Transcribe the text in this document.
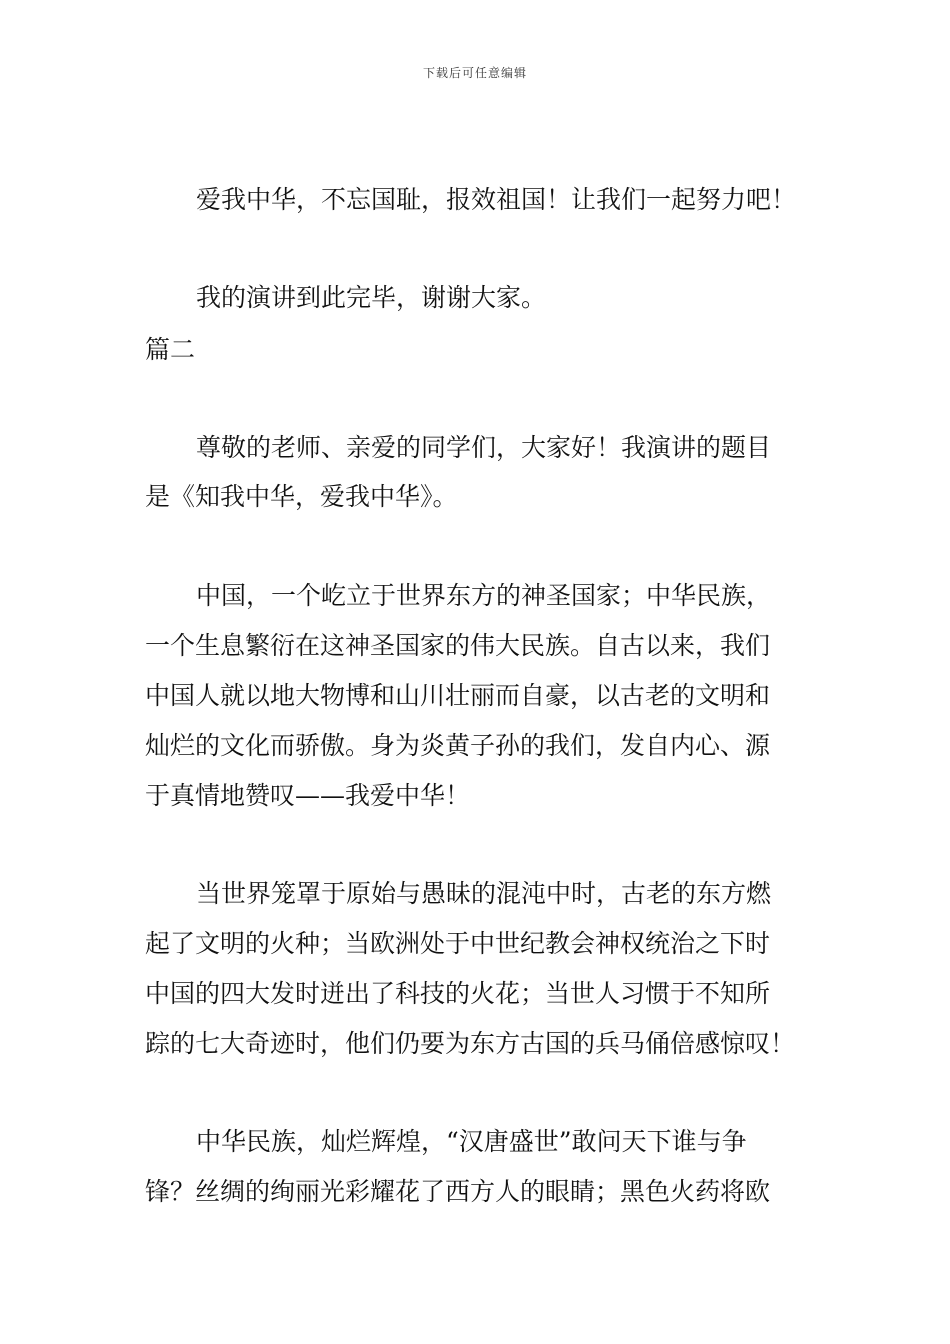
下载后可任意编辑
爱我中华，不忘国耻，报效祖国！让我们一起努力吧！
我的演讲到此完毕，谢谢大家。
篇二
尊敬的老师、亲爱的同学们，大家好！我演讲的题目
是《知我中华，爱我中华》。
中国，一个屹立于世界东方的神圣国家；中华民族，
一个生息繁衍在这神圣国家的伟大民族。自古以来，我们
中国人就以地大物博和山川壮丽而自豪，以古老的文明和
灿烂的文化而骄傲。身为炎黄子孙的我们，发自内心、源
于真情地赞叹——我爱中华！
当世界笼罩于原始与愚昧的混沌中时，古老的东方燃
起了文明的火种；当欧洲处于中世纪教会神权统治之下时
中国的四大发时迸出了科技的火花；当世人习惯于不知所
踪的七大奇迹时，他们仍要为东方古国的兵马俑倍感惊叹！
中华民族，灿烂辉煌，“汉唐盛世”敢问天下谁与争
锋？丝绸的绚丽光彩耀花了西方人的眼睛；黑色火药将欧
